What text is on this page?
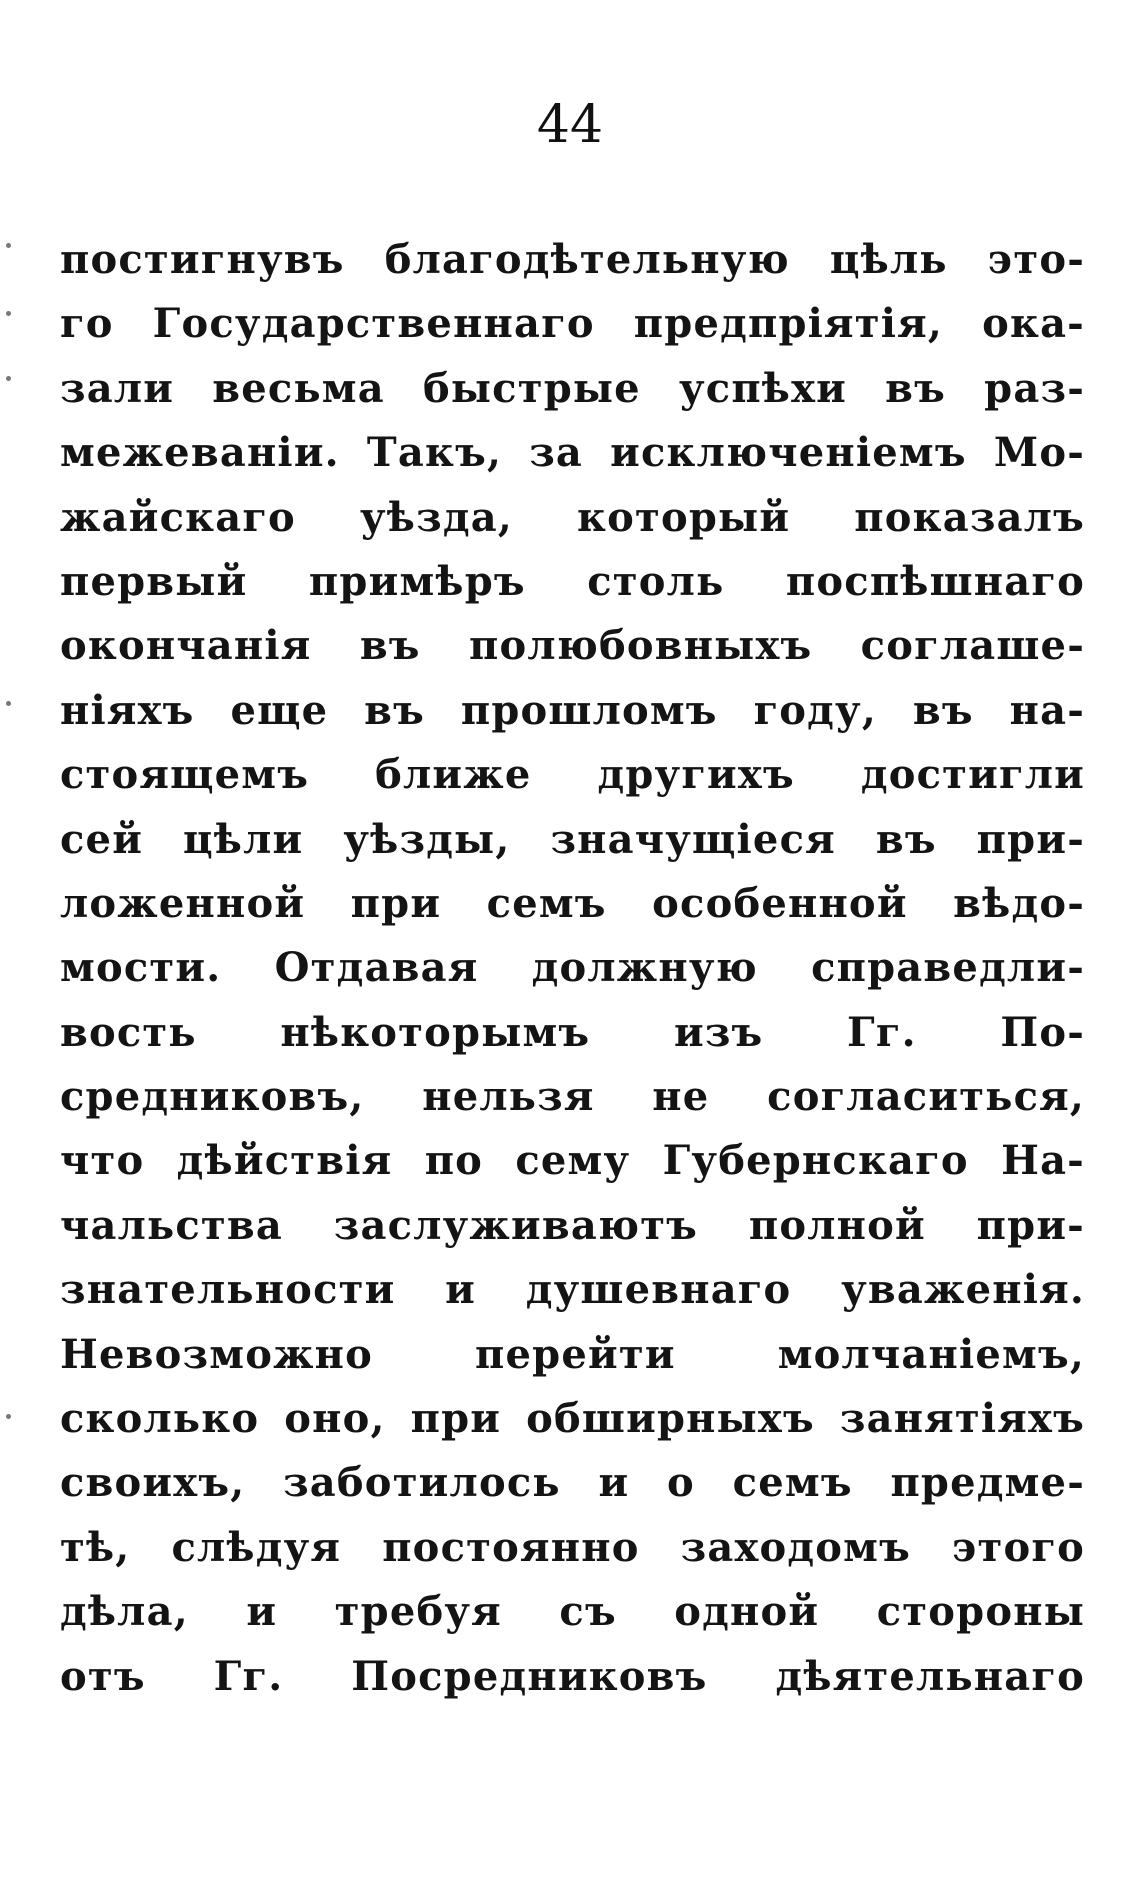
44
постигнувъ благодѣтельную цѣль это-
го Государственнаго предпріятія, ока-
зали весьма быстрые успѣхи въ раз-
межеваніи. Такъ, за исключеніемъ Мо-
жайскаго уѣзда, который показалъ
первый примѣръ столь поспѣшнаго
окончанія въ полюбовныхъ соглаше-
ніяхъ еще въ прошломъ году, въ на-
стоящемъ ближе другихъ достигли
сей цѣли уѣзды, значущіеся въ при-
ложенной при семъ особенной вѣдо-
мости. Отдавая должную справедли-
вость нѣкоторымъ изъ Гг. По-
средниковъ, нельзя не согласиться,
что дѣйствія по сему Губернскаго На-
чальства заслуживаютъ полной при-
знательности и душевнаго уваженія.
Невозможно перейти молчаніемъ,
сколько оно, при обширныхъ занятіяхъ
своихъ, заботилось и о семъ предме-
тѣ, слѣдуя постоянно заходомъ этого
дѣла, и требуя съ одной стороны
отъ Гг. Посредниковъ дѣятельнаго
